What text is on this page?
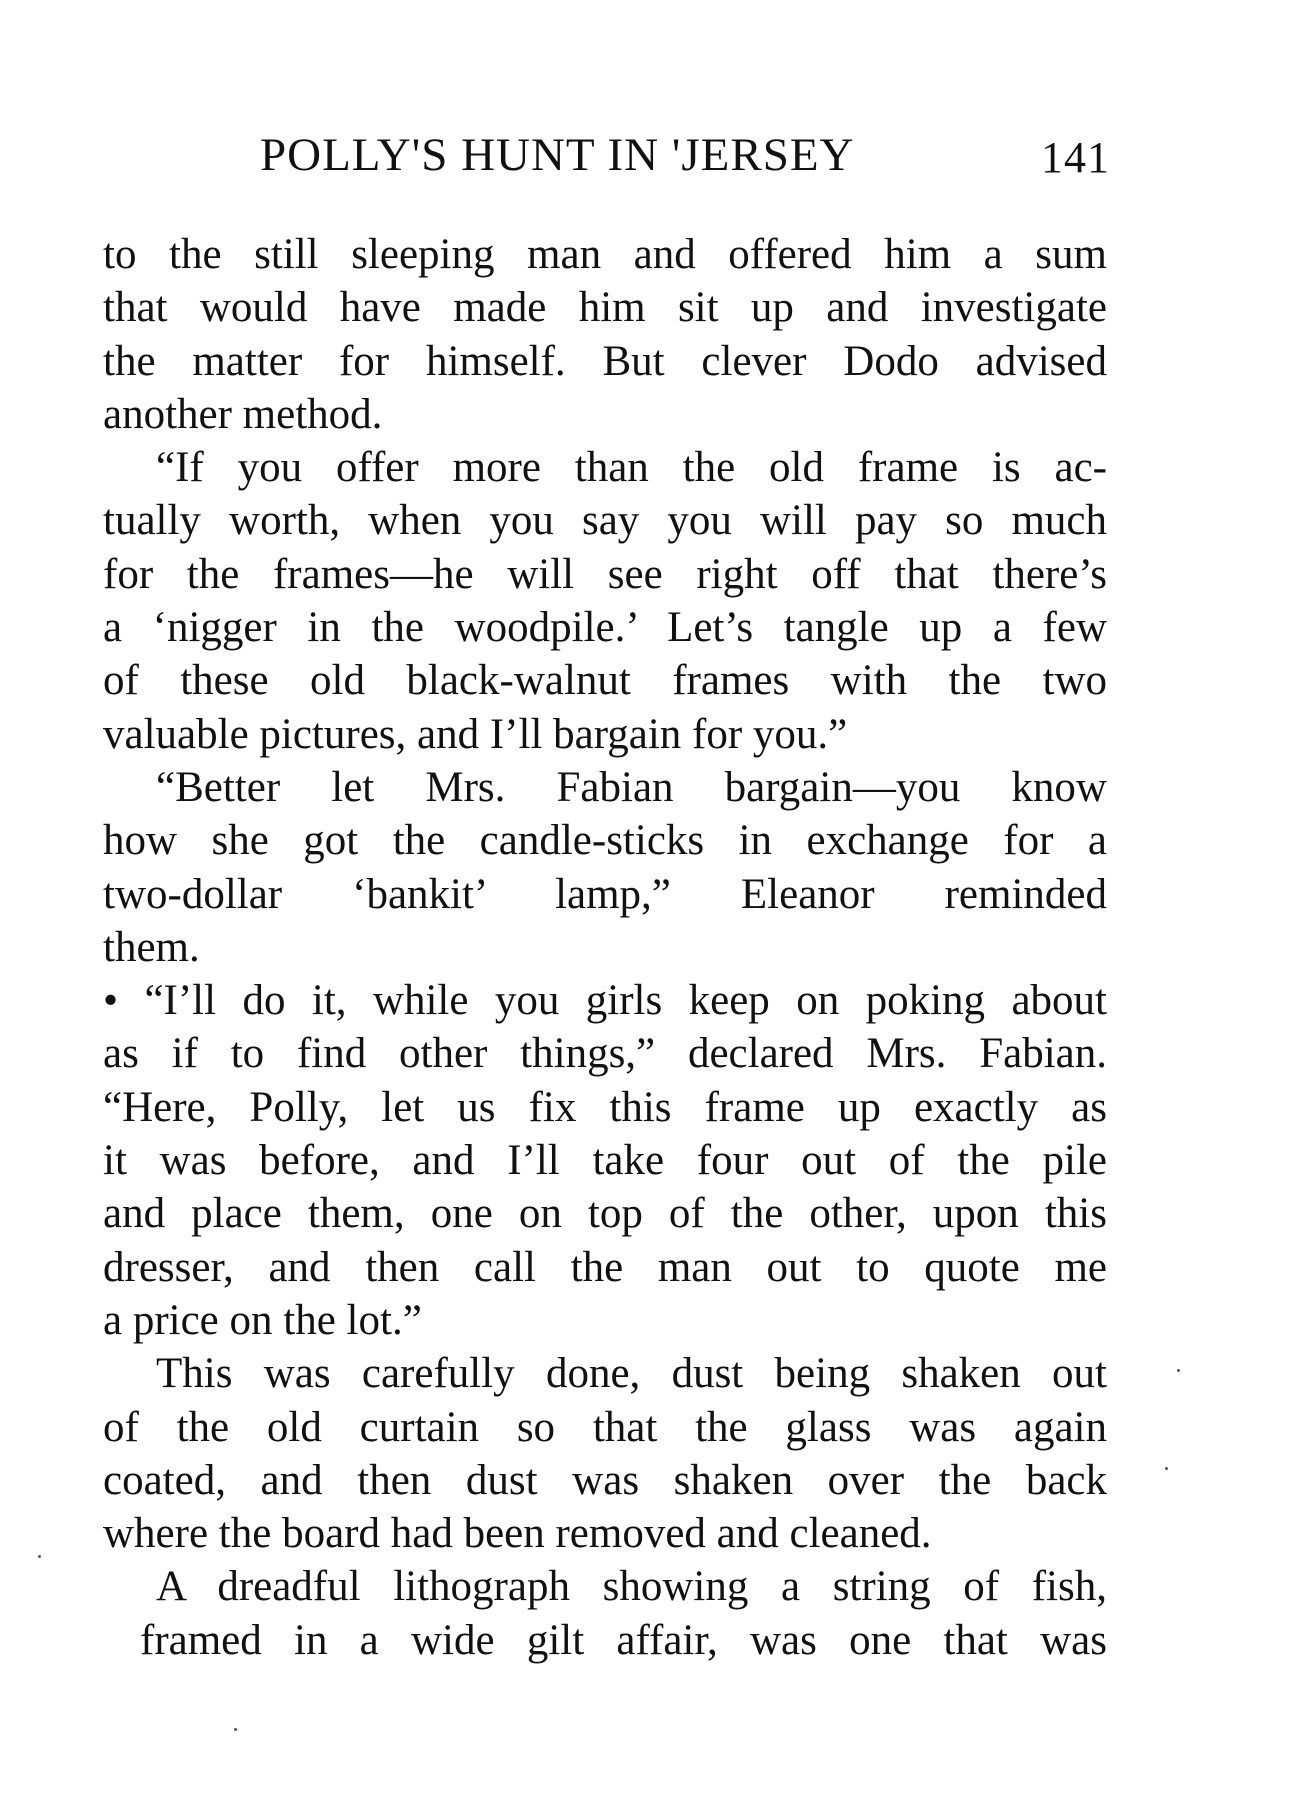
POLLY'S HUNT IN 'JERSEY	141
to the still sleeping man and offered him a sum
that would have made him sit up and investigate
the matter for himself. But clever Dodo advised
another method.
“If you offer more than the old frame is ac-
tually worth, when you say you will pay so much
for the frames—he will see right off that there’s
a ‘nigger in the woodpile.’ Let’s tangle up a few
of these old black-walnut frames with the two
valuable pictures, and I’ll bargain for you.”
“Better let Mrs. Fabian bargain—you know
how she got the candle-sticks in exchange for a
two-dollar ‘bankit’ lamp,” Eleanor reminded
them.
• “I’ll do it, while you girls keep on poking about
as if to find other things,” declared Mrs. Fabian.
“Here, Polly, let us fix this frame up exactly as
it was before, and I’ll take four out of the pile
and place them, one on top of the other, upon this
dresser, and then call the man out to quote me
a price on the lot.”
This was carefully done, dust being shaken out
of the old curtain so that the glass was again
coated, and then dust was shaken over the back
where the board had been removed and cleaned.
A dreadful lithograph showing a string of fish,
framed in a wide gilt affair, was one that was
